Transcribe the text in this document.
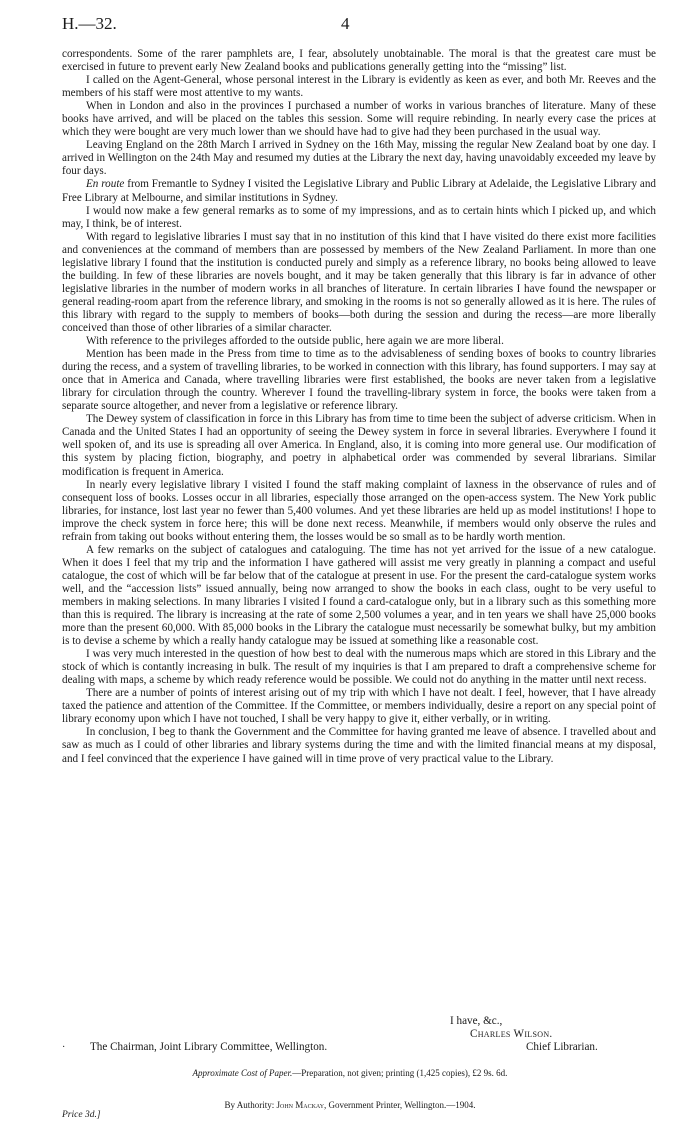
H.—32.	4

correspondents. Some of the rarer pamphlets are, I fear, absolutely unobtainable. The moral is that the greatest care must be exercised in future to prevent early New Zealand books and publications generally getting into the “missing” list.

I called on the Agent-General, whose personal interest in the Library is evidently as keen as ever, and both Mr. Reeves and the members of his staff were most attentive to my wants.

When in London and also in the provinces I purchased a number of works in various branches of literature. Many of these books have arrived, and will be placed on the tables this session. Some will require rebinding. In nearly every case the prices at which they were bought are very much lower than we should have had to give had they been purchased in the usual way.

Leaving England on the 28th March I arrived in Sydney on the 16th May, missing the regular New Zealand boat by one day. I arrived in Wellington on the 24th May and resumed my duties at the Library the next day, having unavoidably exceeded my leave by four days.

En route from Fremantle to Sydney I visited the Legislative Library and Public Library at Adelaide, the Legislative Library and Free Library at Melbourne, and similar institutions in Sydney.

I would now make a few general remarks as to some of my impressions, and as to certain hints which I picked up, and which may, I think, be of interest.

With regard to legislative libraries I must say that in no institution of this kind that I have visited do there exist more facilities and conveniences at the command of members than are possessed by members of the New Zealand Parliament. In more than one legislative library I found that the institution is conducted purely and simply as a reference library, no books being allowed to leave the building. In few of these libraries are novels bought, and it may be taken generally that this library is far in advance of other legislative libraries in the number of modern works in all branches of literature. In certain libraries I have found the newspaper or general reading-room apart from the reference library, and smoking in the rooms is not so generally allowed as it is here. The rules of this library with regard to the supply to members of books—both during the session and during the recess—are more liberally conceived than those of other libraries of a similar character.

With reference to the privileges afforded to the outside public, here again we are more liberal.

Mention has been made in the Press from time to time as to the advisableness of sending boxes of books to country libraries during the recess, and a system of travelling libraries, to be worked in connection with this library, has found supporters. I may say at once that in America and Canada, where travelling libraries were first established, the books are never taken from a legislative library for circulation through the country. Wherever I found the travelling-library system in force, the books were taken from a separate source altogether, and never from a legislative or reference library.

The Dewey system of classification in force in this Library has from time to time been the subject of adverse criticism. When in Canada and the United States I had an opportunity of seeing the Dewey system in force in several libraries. Everywhere I found it well spoken of, and its use is spreading all over America. In England, also, it is coming into more general use. Our modification of this system by placing fiction, biography, and poetry in alphabetical order was commended by several librarians. Similar modification is frequent in America.

In nearly every legislative library I visited I found the staff making complaint of laxness in the observance of rules and of consequent loss of books. Losses occur in all libraries, especially those arranged on the open-access system. The New York public libraries, for instance, lost last year no fewer than 5,400 volumes. And yet these libraries are held up as model institutions! I hope to improve the check system in force here; this will be done next recess. Meanwhile, if members would only observe the rules and refrain from taking out books without entering them, the losses would be so small as to be hardly worth mention.

A few remarks on the subject of catalogues and cataloguing. The time has not yet arrived for the issue of a new catalogue. When it does I feel that my trip and the information I have gathered will assist me very greatly in planning a compact and useful catalogue, the cost of which will be far below that of the catalogue at present in use. For the present the card-catalogue system works well, and the “accession lists” issued annually, being now arranged to show the books in each class, ought to be very useful to members in making selections. In many libraries I visited I found a card-catalogue only, but in a library such as this something more than this is required. The library is increasing at the rate of some 2,500 volumes a year, and in ten years we shall have 25,000 books more than the present 60,000. With 85,000 books in the Library the catalogue must necessarily be somewhat bulky, but my ambition is to devise a scheme by which a really handy catalogue may be issued at something like a reasonable cost.

I was very much interested in the question of how best to deal with the numerous maps which are stored in this Library and the stock of which is contantly increasing in bulk. The result of my inquiries is that I am prepared to draft a comprehensive scheme for dealing with maps, a scheme by which ready reference would be possible. We could not do anything in the matter until next recess.

There are a number of points of interest arising out of my trip with which I have not dealt. I feel, however, that I have already taxed the patience and attention of the Committee. If the Committee, or members individually, desire a report on any special point of library economy upon which I have not touched, I shall be very happy to give it, either verbally, or in writing.

In conclusion, I beg to thank the Government and the Committee for having granted me leave of absence. I travelled about and saw as much as I could of other libraries and library systems during the time and with the limited financial means at my disposal, and I feel convinced that the experience I have gained will in time prove of very practical value to the Library.

I have, &c.,
Charles Wilson.
· The Chairman, Joint Library Committee, Wellington.	Chief Librarian.
Approximate Cost of Paper.—Preparation, not given; printing (1,425 copies), £2 9s. 6d.
By Authority: John Mackay, Government Printer, Wellington.—1904.
Price 3d.]
